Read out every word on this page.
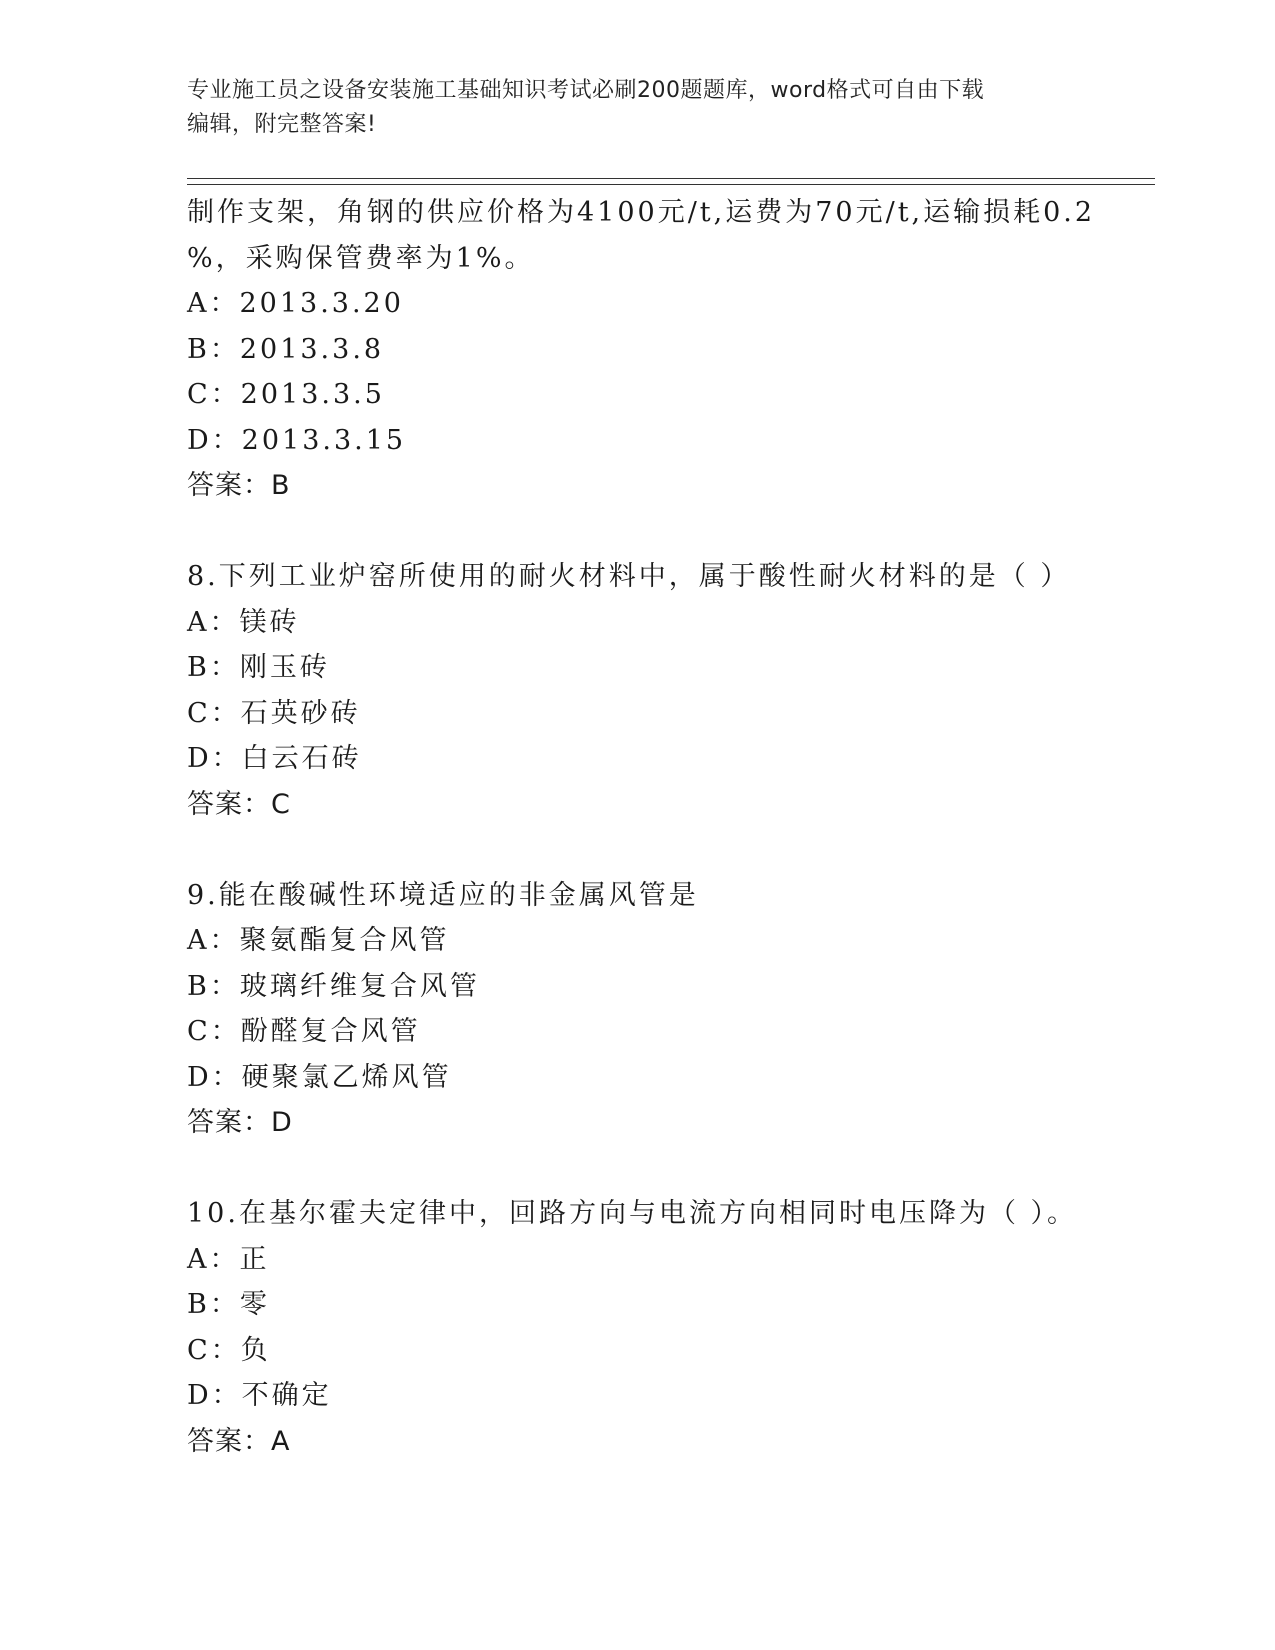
专业施工员之设备安装施工基础知识考试必刷200题题库，word格式可自由下载
编辑，附完整答案!
制作支架，角钢的供应价格为4100元/t,运费为70元/t,运输损耗0.2
%，采购保管费率为1%。
A：2013.3.20
B：2013.3.8
C：2013.3.5
D：2013.3.15
答案：B
8.下列工业炉窑所使用的耐火材料中，属于酸性耐火材料的是（ ）
A：镁砖
B：刚玉砖
C：石英砂砖
D：白云石砖
答案：C
9.能在酸碱性环境适应的非金属风管是
A：聚氨酯复合风管
B：玻璃纤维复合风管
C：酚醛复合风管
D：硬聚氯乙烯风管
答案：D
10.在基尔霍夫定律中，回路方向与电流方向相同时电压降为（ ）。
A：正
B：零
C：负
D：不确定
答案：A
